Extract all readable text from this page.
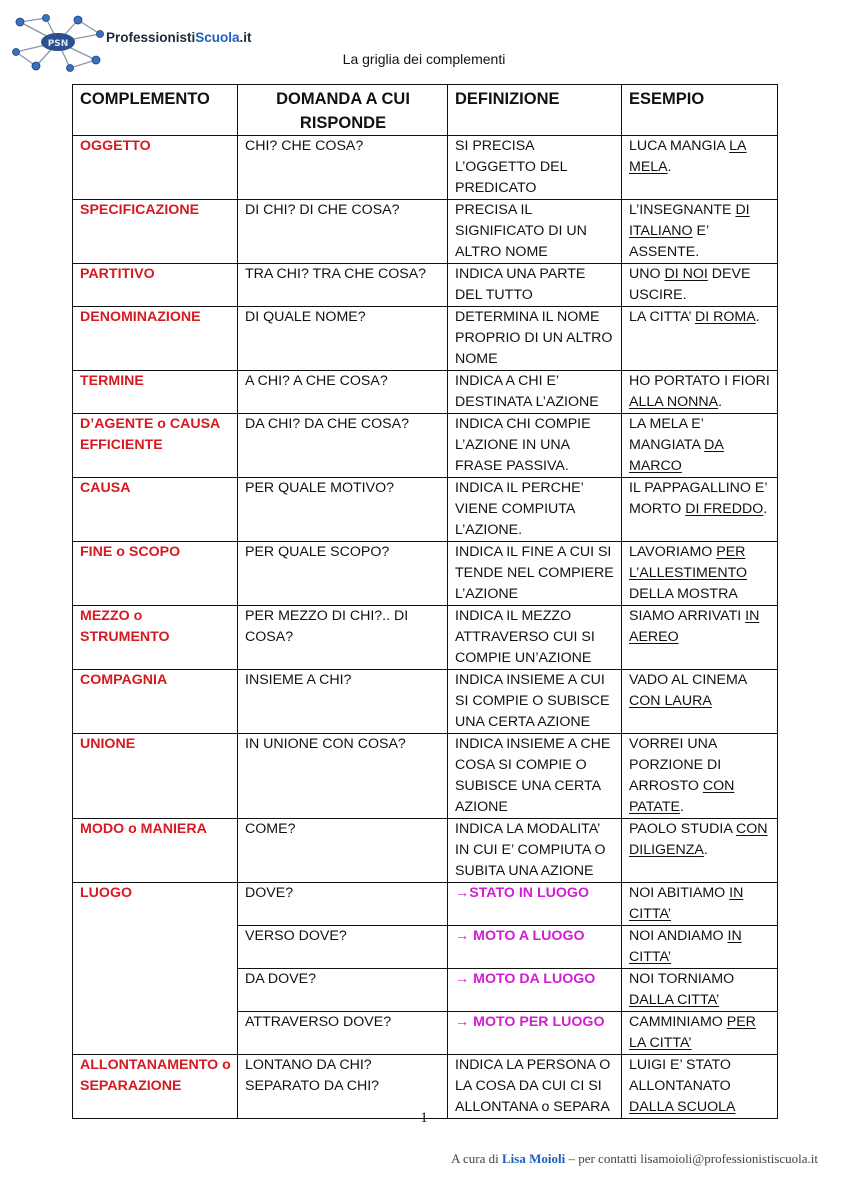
PSN	ProfessionistiScuola.it
La griglia dei complementi
COMPLEMENTO	DOMANDA A CUI RISPONDE	DEFINIZIONE	ESEMPIO
OGGETTO	CHI? CHE COSA?	SI PRECISA L’OGGETTO DEL PREDICATO	LUCA MANGIA LA MELA.
SPECIFICAZIONE	DI CHI? DI CHE COSA?	PRECISA IL SIGNIFICATO DI UN ALTRO NOME	L’INSEGNANTE DI ITALIANO E’ ASSENTE.
PARTITIVO	TRA CHI? TRA CHE COSA?	INDICA UNA PARTE DEL TUTTO	UNO DI NOI DEVE USCIRE.
DENOMINAZIONE	DI QUALE NOME?	DETERMINA IL NOME PROPRIO DI UN ALTRO NOME	LA CITTA’ DI ROMA.
TERMINE	A CHI? A CHE COSA?	INDICA A CHI E’ DESTINATA L’AZIONE	HO PORTATO I FIORI ALLA NONNA.
D’AGENTE o CAUSA EFFICIENTE	DA CHI? DA CHE COSA?	INDICA CHI COMPIE L’AZIONE IN UNA FRASE PASSIVA.	LA MELA E’ MANGIATA DA MARCO
CAUSA	PER QUALE MOTIVO?	INDICA IL PERCHE’ VIENE COMPIUTA L’AZIONE.	IL PAPPAGALLINO E’ MORTO DI FREDDO.
FINE o SCOPO	PER QUALE SCOPO?	INDICA IL FINE A CUI SI TENDE NEL COMPIERE L’AZIONE	LAVORIAMO PER L’ALLESTIMENTO DELLA MOSTRA
MEZZO o STRUMENTO	PER MEZZO DI CHI?.. DI COSA?	INDICA IL MEZZO ATTRAVERSO CUI SI COMPIE UN’AZIONE	SIAMO ARRIVATI IN AEREO
COMPAGNIA	INSIEME A CHI?	INDICA INSIEME A CUI SI COMPIE O SUBISCE UNA CERTA AZIONE	VADO AL CINEMA CON LAURA
UNIONE	IN UNIONE CON COSA?	INDICA INSIEME A CHE COSA SI COMPIE O SUBISCE UNA CERTA AZIONE	VORREI UNA PORZIONE DI ARROSTO CON PATATE.
MODO o MANIERA	COME?	INDICA LA MODALITA’ IN CUI E’ COMPIUTA O SUBITA UNA AZIONE	PAOLO STUDIA CON DILIGENZA.
LUOGO	DOVE?	→STATO IN LUOGO	NOI ABITIAMO IN CITTA’
	VERSO DOVE?	→ MOTO A LUOGO	NOI ANDIAMO IN CITTA’
	DA DOVE?	→ MOTO DA LUOGO	NOI TORNIAMO DALLA CITTA’
	ATTRAVERSO DOVE?	→ MOTO PER LUOGO	CAMMINIAMO PER LA CITTA’
ALLONTANAMENTO o SEPARAZIONE	LONTANO DA CHI? SEPARATO DA CHI?	INDICA LA PERSONA O LA COSA DA CUI CI SI ALLONTANA o SEPARA	LUIGI E’ STATO ALLONTANATO DALLA SCUOLA
1
A cura di Lisa Moioli – per contatti lisamoioli@professionistiscuola.it
